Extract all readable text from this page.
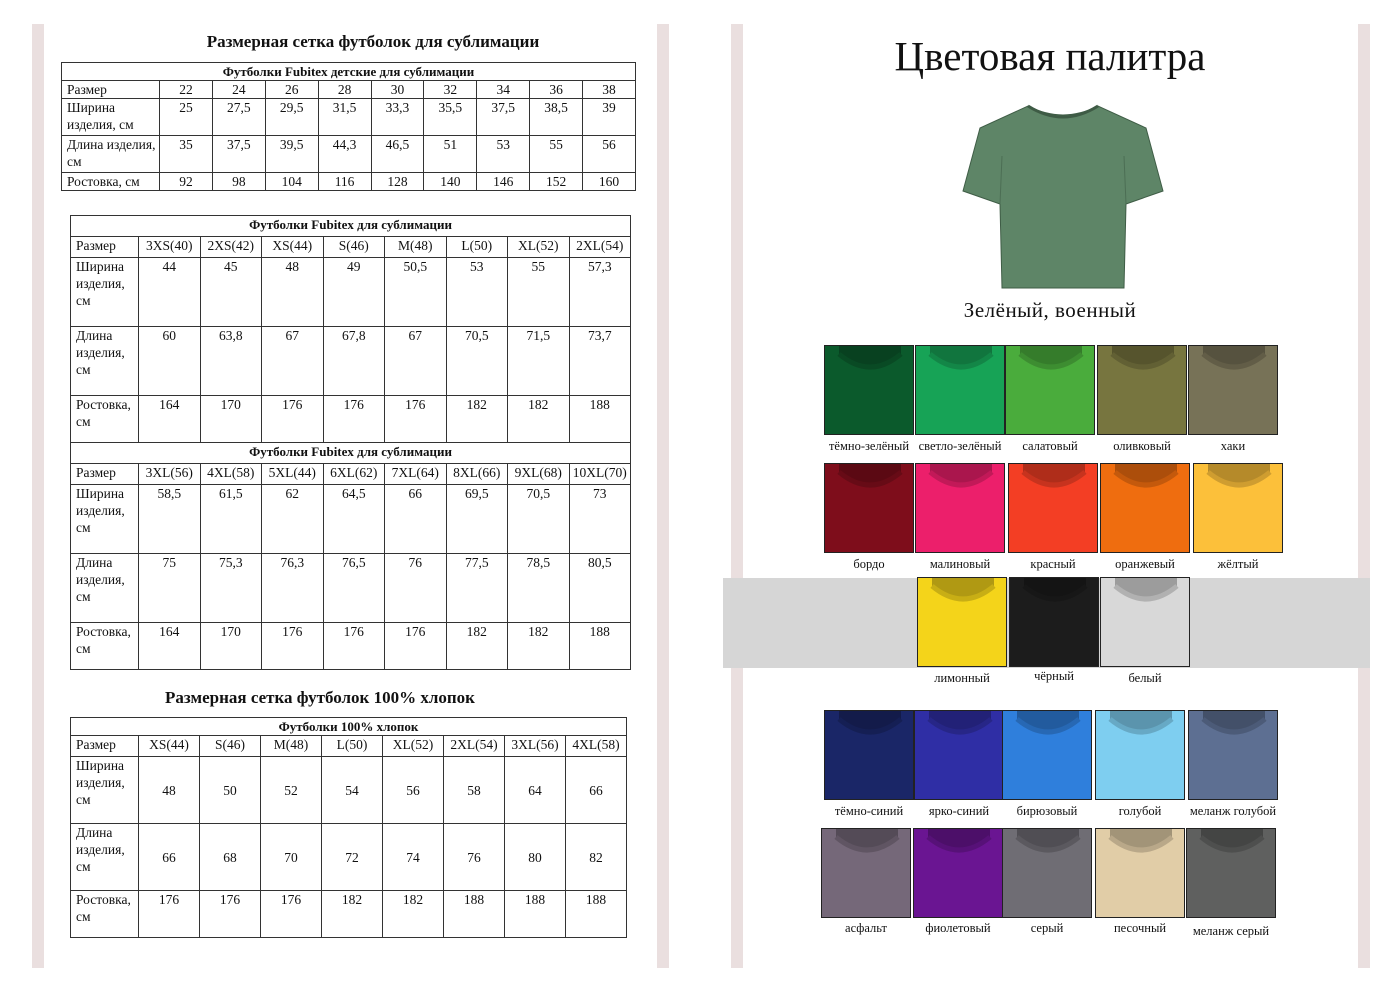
Размерная сетка футболок для сублимации
Футболки Fubitex детские для сублимации									
Размер	22	24	26	28	30	32	34	36	38
Ширина изделия, см	25	27,5	29,5	31,5	33,3	35,5	37,5	38,5	39
Длина изделия, см	35	37,5	39,5	44,3	46,5	51	53	55	56
Ростовка, см	92	98	104	116	128	140	146	152	160
Футболки Fubitex для сублимации								
Размер	3XS(40)	2XS(42)	XS(44)	S(46)	M(48)	L(50)	XL(52)	2XL(54)
Ширина изделия, см	44	45	48	49	50,5	53	55	57,3
Длина изделия, см	60	63,8	67	67,8	67	70,5	71,5	73,7
Ростовка, см	164	170	176	176	176	182	182	188
Футболки Fubitex для сублимации								
Размер	3XL(56)	4XL(58)	5XL(44)	6XL(62)	7XL(64)	8XL(66)	9XL(68)	10XL(70)
Ширина изделия, см	58,5	61,5	62	64,5	66	69,5	70,5	73
Длина изделия, см	75	75,3	76,3	76,5	76	77,5	78,5	80,5
Ростовка, см	164	170	176	176	176	182	182	188
Размерная сетка футболок 100% хлопок
Футболки 100% хлопок								
Размер	XS(44)	S(46)	M(48)	L(50)	XL(52)	2XL(54)	3XL(56)	4XL(58)
Ширина изделия, см	48	50	52	54	56	58	64	66
Длина изделия, см	66	68	70	72	74	76	80	82
Ростовка, см	176	176	176	182	182	188	188	188
Цветовая палитра
Зелёный, военный
тёмно-зелёный светло-зелёный	салатовый	оливковый	хаки
бордо	малиновый	красный	оранжевый	жёлтый
лимонный	чёрный	белый
тёмно-синий	ярко-синий	бирюзовый	голубой	меланж голубой
асфальт	фиолетовый	серый	песочный	меланж серый
